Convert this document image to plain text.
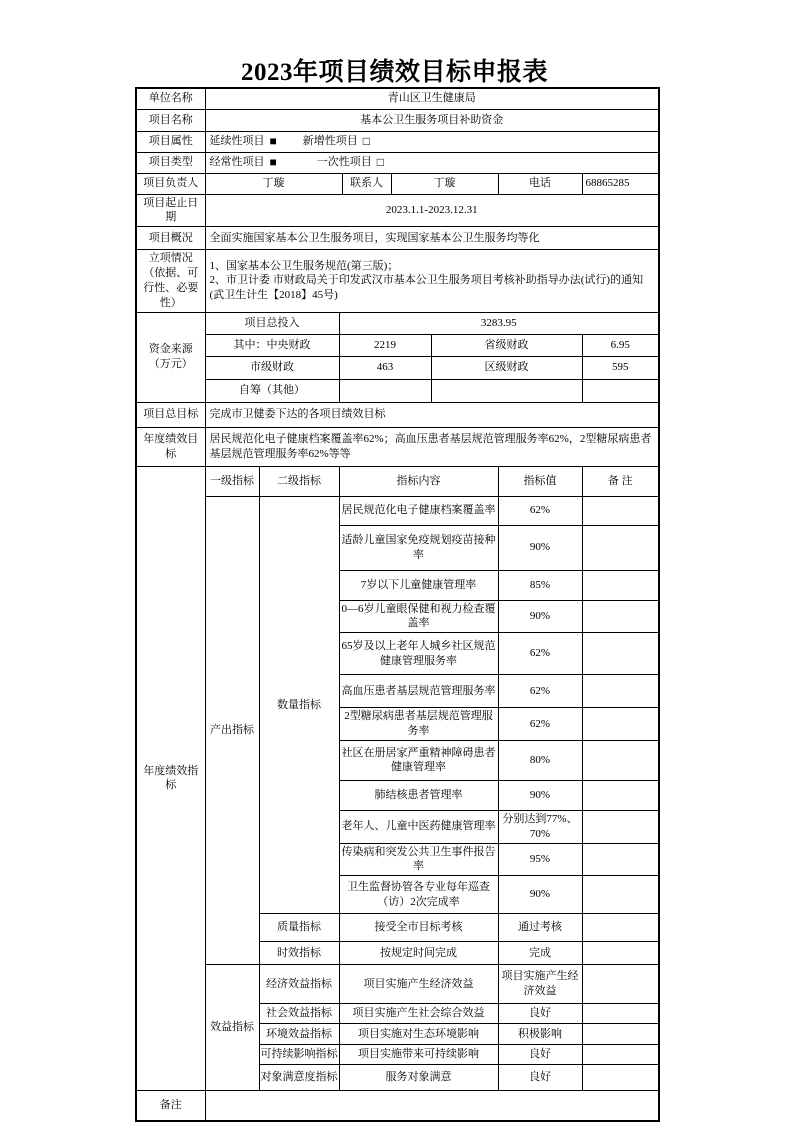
2023年项目绩效目标申报表
单位名称	青山区卫生健康局							
项目名称	基本公卫生服务项目补助资金							
项目属性	延续性项目 ■ 新增性项目 □							
项目类型	经常性项目 ■ 一次性项目 □							
项目负责人	丁璇			联系人	丁璇		电话	68865285
项目起止日期	2023.1.1-2023.12.31							
项目概况	全面实施国家基本公卫生服务项目，实现国家基本公卫生服务均等化							
立项情况（依据、可行性、必要性）	1、国家基本公卫生服务规范(第三版)；
2、市卫计委 市财政局关于印发武汉市基本公卫生服务项目考核补助指导办法(试行)的通知(武卫生计生【2018】45号)							

资金来源（万元）	项目总投入		3283.95					
	其中：中央财政		2219			省级财政		6.95
	市级财政		463			区级财政		595
	自筹（其他）							
项目总目标	完成市卫健委下达的各项目绩效目标							
年度绩效目标	居民规范化电子健康档案覆盖率62%；高血压患者基层规范管理服务率62%，2型糖尿病患者基层规范管理服务率62%等等							
年度绩效指标	一级指标	二级指标	指标内容				指标值	备 注
	产出指标	数量指标	居民规范化电子健康档案覆盖率				62%	
			适龄儿童国家免疫规划疫苗接种率				90%	
			7岁以下儿童健康管理率				85%	
			0—6岁儿童眼保健和视力检查覆盖率				90%	
			65岁及以上老年人城乡社区规范健康管理服务率				62%	
			高血压患者基层规范管理服务率				62%	
			2型糖尿病患者基层规范管理服务率				62%	
			社区在册居家严重精神障碍患者健康管理率				80%	
			肺结核患者管理率				90%	
			老年人、儿童中医药健康管理率				分别达到77%、70%	
			传染病和突发公共卫生事件报告率				95%	
			卫生监督协管各专业每年巡查（访）2次完成率				90%	
		质量指标	接受全市目标考核				通过考核	
		时效指标	按规定时间完成				完成	
	效益指标	经济效益指标	项目实施产生经济效益				项目实施产生经济效益	
		社会效益指标	项目实施产生社会综合效益				良好	
		环境效益指标	项目实施对生态环境影响				积极影响	
		可持续影响指标	项目实施带来可持续影响				良好	
		对象满意度指标	服务对象满意				良好	
备注								
